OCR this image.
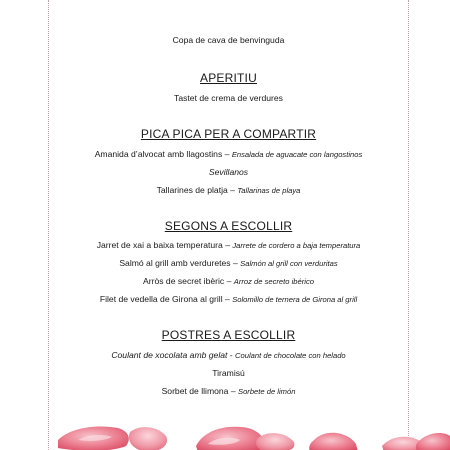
Copa de cava de benvinguda
APERITIU
Tastet de crema de verdures
PICA PICA PER A COMPARTIR
Amanida d’alvocat amb llagostins – Ensalada de aguacate con langostinos
Sevillanos
Tallarines de platja – Tallarinas de playa
SEGONS A ESCOLLIR
Jarret de xai a baixa temperatura – Jarrete de cordero a baja temperatura
Salmó al grill amb verduretes – Salmón al grill con verduritas
Arròs de secret ibèric – Arroz de secreto ibérico
Filet de vedella de Girona al grill – Solomillo de ternera de Girona al grill
POSTRES A ESCOLLIR
Coulant de xocolata amb gelat - Coulant de chocolate con helado
Tiramisú
Sorbet de llimona – Sorbete de limón
